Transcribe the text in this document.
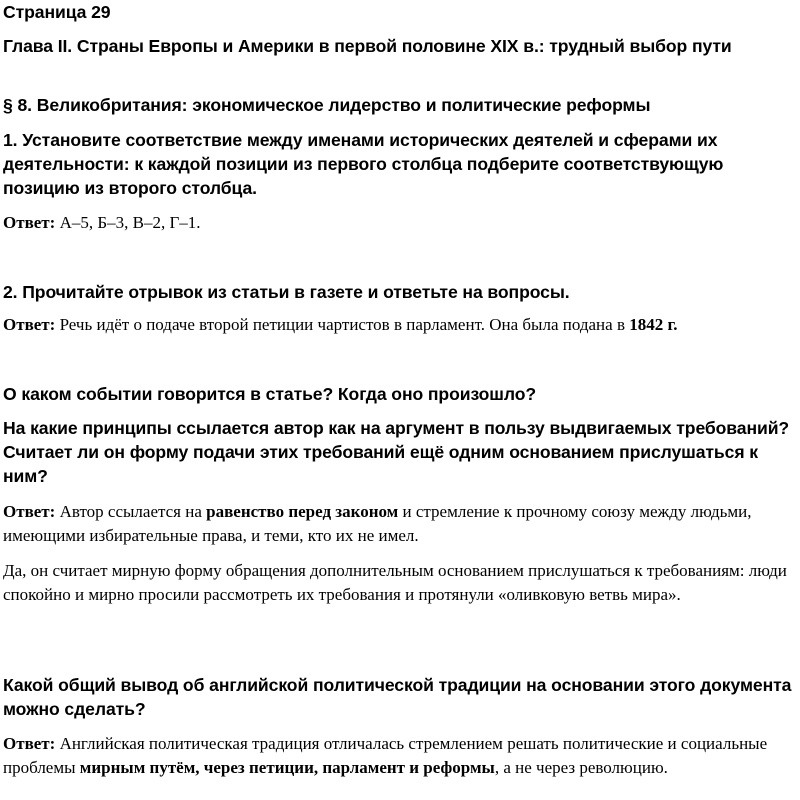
Страница 29

Глава II. Страны Европы и Америки в первой половине XIX в.: трудный выбор пути

§ 8. Великобритания: экономическое лидерство и политические реформы

1. Установите соответствие между именами исторических деятелей и сферами их деятельности: к каждой позиции из первого столбца подберите соответствующую позицию из второго столбца.

Ответ: А–5, Б–3, В–2, Г–1.

2. Прочитайте отрывок из статьи в газете и ответьте на вопросы.

Ответ: Речь идёт о подаче второй петиции чартистов в парламент. Она была подана в 1842 г.

О каком событии говорится в статье? Когда оно произошло?

На какие принципы ссылается автор как на аргумент в пользу выдвигаемых требований? Считает ли он форму подачи этих требований ещё одним основанием прислушаться к ним?

Ответ: Автор ссылается на равенство перед законом и стремление к прочному союзу между людьми, имеющими избирательные права, и теми, кто их не имел.

Да, он считает мирную форму обращения дополнительным основанием прислушаться к требованиям: люди спокойно и мирно просили рассмотреть их требования и протянули «оливковую ветвь мира».

Какой общий вывод об английской политической традиции на основании этого документа можно сделать?

Ответ: Английская политическая традиция отличалась стремлением решать политические и социальные проблемы мирным путём, через петиции, парламент и реформы, а не через революцию.
